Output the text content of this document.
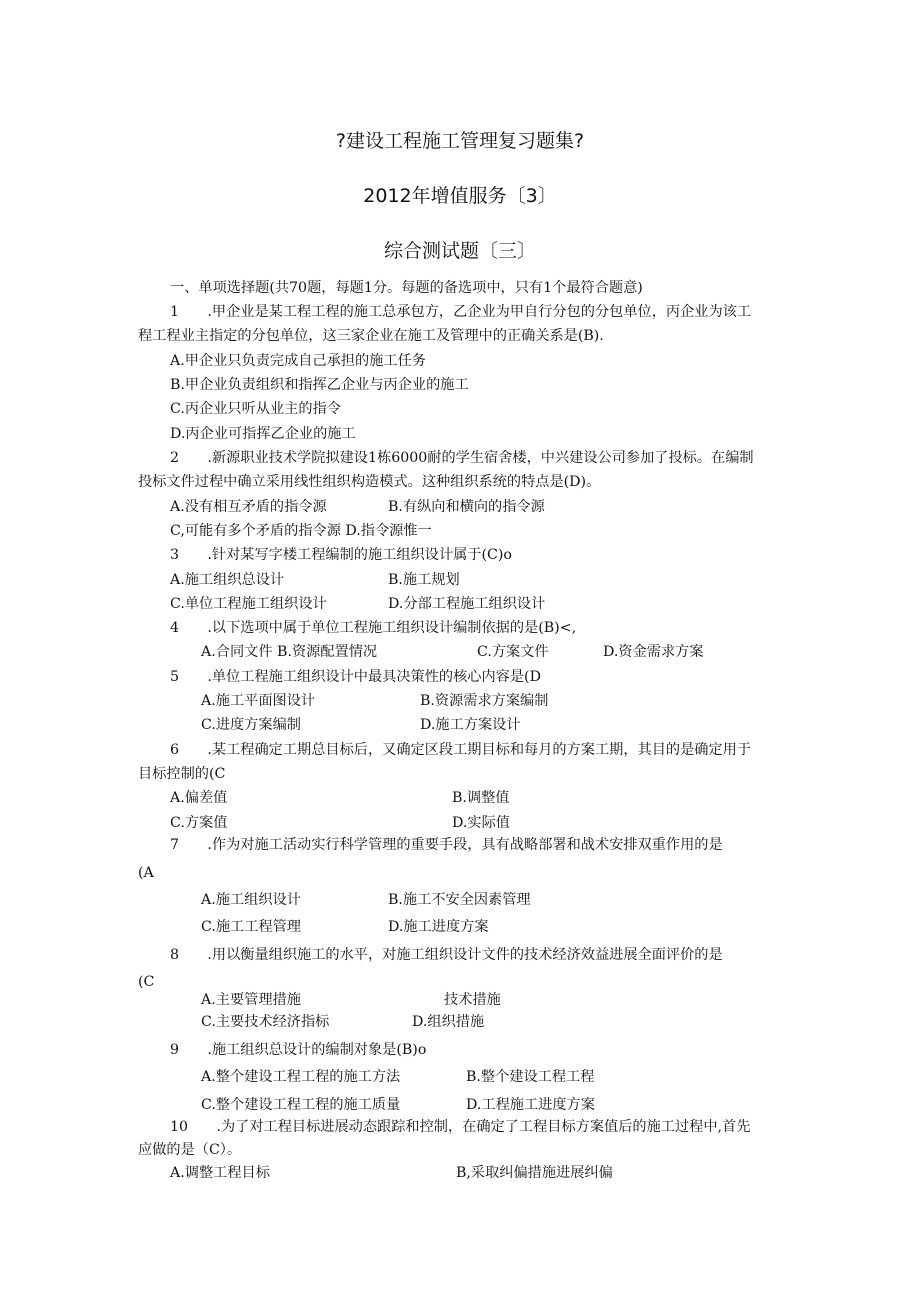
?建设工程施工管理复习题集?
2012年增值服务〔3〕
综合测试题〔三〕
一、单项选择题(共70题，每题1分。每题的备选项中，只有1个最符合题意)
1  .甲企业是某工程工程的施工总承包方，乙企业为甲自行分包的分包单位，丙企业为该工
程工程业主指定的分包单位，这三家企业在施工及管理中的正确关系是(B).
A.甲企业只负责完成自己承担的施工任务
B.甲企业负责组织和指挥乙企业与丙企业的施工
C.丙企业只听从业主的指令
D.丙企业可指挥乙企业的施工
2  .新源职业技术学院拟建设1栋6000耐的学生宿舍楼，中兴建设公司参加了投标。在编制
投标文件过程中确立采用线性组织构造模式。这种组织系统的特点是(D)。
A.没有相互矛盾的指令源	B.有纵向和横向的指令源
C,可能有多个矛盾的指令源 D.指令源惟一
3  .针对某写字楼工程编制的施工组织设计属于(C)o
A.施工组织总设计	B.施工规划
C.单位工程施工组织设计	D.分部工程施工组织设计
4  .以下选项中属于单位工程施工组织设计编制依据的是(B)<,
A.合同文件 B.资源配置情况	C.方案文件	D.资金需求方案
5  .单位工程施工组织设计中最具决策性的核心内容是(D
A.施工平面图设计	B.资源需求方案编制
C.进度方案编制	D.施工方案设计
6  .某工程确定工期总目标后，又确定区段工期目标和每月的方案工期，其目的是确定用于
目标控制的(C
A.偏差值	B.调整值
C.方案值	D.实际值
7  .作为对施工活动实行科学管理的重要手段，具有战略部署和战术安排双重作用的是
(A
A.施工组织设计	B.施工不安全因素管理
C.施工工程管理	D.施工进度方案
8  .用以衡量组织施工的水平，对施工组织设计文件的技术经济效益进展全面评价的是
(C
A.主要管理措施	技术措施
C.主要技术经济指标	D.组织措施
9  .施工组织总设计的编制对象是(B)o
A.整个建设工程工程的施工方法	B.整个建设工程工程
C.整个建设工程工程的施工质量	D.工程施工进度方案
10  .为了对工程目标进展动态跟踪和控制，在确定了工程目标方案值后的施工过程中,首先
应做的是（C）。
A.调整工程目标	B,采取纠偏措施进展纠偏
